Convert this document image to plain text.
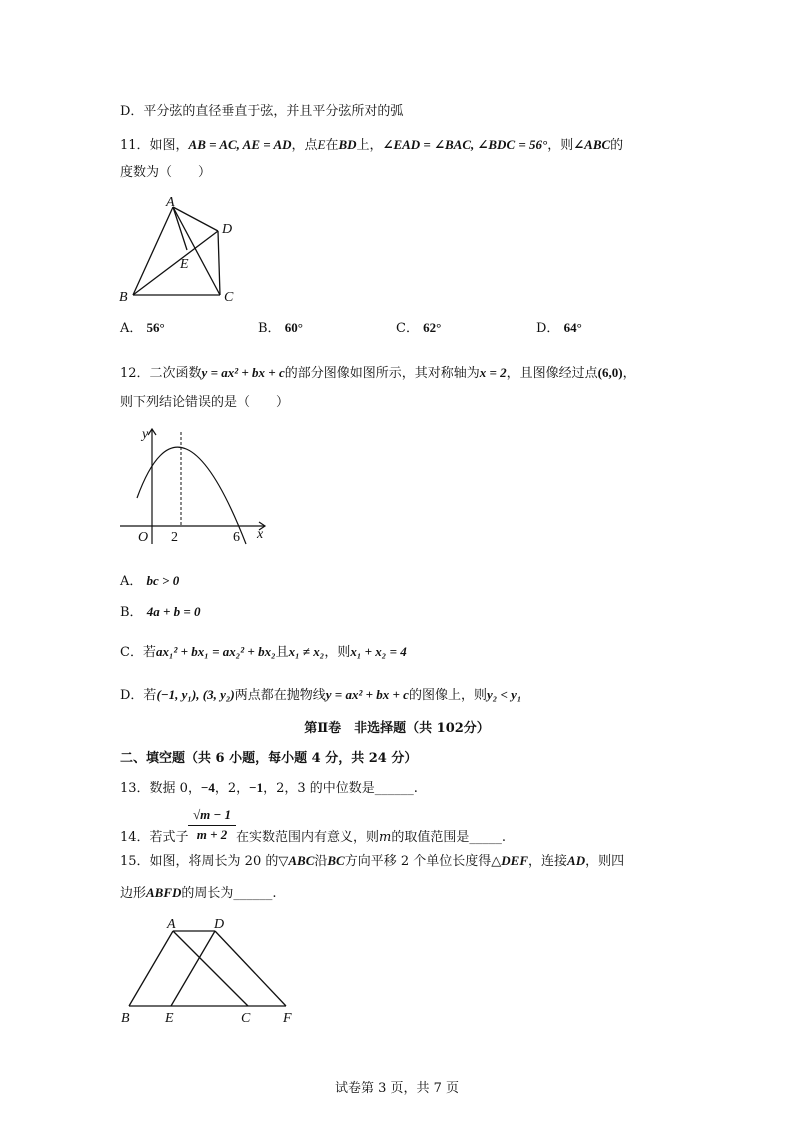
D．平分弦的直径垂直于弦，并且平分弦所对的弧
11．如图，AB = AC, AE = AD，点E在BD上，∠EAD = ∠BAC, ∠BDC = 56°，则∠ABC的
度数为（　　）
A
D
E
B	C
A． 56°	B． 60°	C． 62°	D． 64°
12．二次函数y = ax² + bx + c的部分图像如图所示，其对称轴为x = 2，且图像经过点(6,0)，
则下列结论错误的是（　　）
y
x
O 2	6
A． bc > 0
B． 4a + b = 0
C．若ax₁² + bx₁ = ax₂² + bx₂且x₁ ≠ x₂，则x₁ + x₂ = 4
D．若(−1, y₁), (3, y₂)两点都在抛物线y = ax² + bx + c的图像上，则y₂ < y₁
第Ⅱ卷　非选择题（共 102分）
二、填空题（共 6 小题，每小题 4 分，共 24 分）
13．数据 0，−4，2，−1，2，3 的中位数是______.
14．若式子
√m − 1
m + 2 在实数范围内有意义，则m的取值范围是_____.
15．如图，将周长为 20 的▽ABC沿BC方向平移 2 个单位长度得△DEF，连接AD，则四
边形ABFD的周长为______.
A	D
B	E	C F
试卷第 3 页，共 7 页
